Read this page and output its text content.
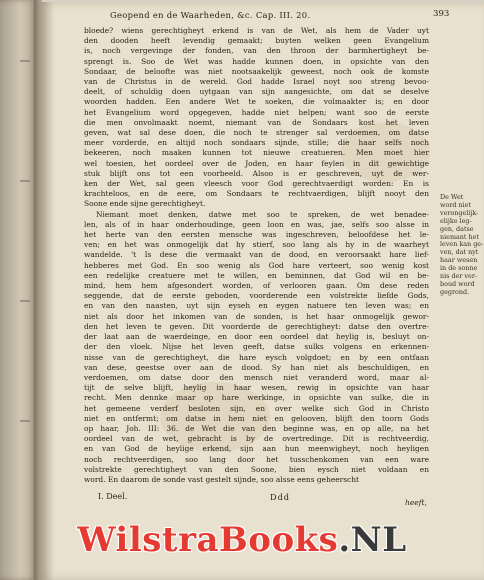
Geopend en de Waarheden, &c. Cap. III. 20.	393
bloede? wiens gerechtigheyt erkend is van de Wet, als hem de Vader uyt
den dooden heeft levendig gemaakt; buyten welken geen Evangelium
is, noch vergevinge der fonden, van den throon der barmhertigheyt be-
sprengt is. Soo de Wet was hadde kunnen doen, in opsichte van den
Sondaar, de beloofte was niet nootsaakelijk geweest, noch ook de komste
van de Christus in de wereld. God hadde Israel noyt soo streng bevoo-
deelt, of schuldig doen uytgaan van sijn aangesichte, om dat se deselve
woorden hadden. Een andere Wet te soeken, die volmaakter is; en door
het Evangelium word opgegeven, hadde niet helpen; want soo de eerste
die men onvolmaakt noemt, niemant van de Sondaars kost het leven
geven, wat sal dese doen, die noch te strenger sal verdoemen, om datse
meer vorderde, en altijd noch sondaars sijnde, stille; die haar selfs noch
bekeeren, noch maaken kunnen tot nieuwe creatueren. Men moet hier
wel toesien, het oordeel over de Joden, en haar feylen in dit gewichtige
stuk blijft ons tot een voorbeeld. Alsoo is er geschreven, uyt de wer-
ken der Wet, sal geen vleesch voor God gerechtvaerdigt worden: En is
krachteloos, en de eere, om Sondaars te rechtvaerdigen, blijft nooyt den
Soone ende sijne gerechtigheyt.
Niemant moet denken, datwe met soo te spreken, de wet benadee-
len, als of in haar onderhoudinge, geen loon en was, jae, selfs soo alsse in
het herte van den eersten mensche was ingeschreven, beloofdese het le-
ven; en het was onmogelijk dat hy stierf, soo lang als hy in de waarheyt
wandelde. 't Is dese die vermaakt van de dood, en veroorsaakt hare lief-
hebberes met God. En soo wenig als God hare verteert, soo wenig kost
een redelijke creatuere met te willen, en beminnen, dat God wil en be-
mind, hem hem afgesondert worden, of verlooren gaan. Om dese reden
seggende, dat de eerste geboden, voorderende een volstrekte liefde Gods,
en van den naasten, uyt sijn eyseh en eygen natuere ten leven was; en
niet als door het inkomen van de sonden, is het haar onmogelijk gewor-
den het leven te geven. Dit voorderde de gerechtigheyt: datse den overtre-
der laat aan de waerdeinge, en door een oordeel dat heylig is, besluyt on-
der den vloek. Nijse het leven geeft, datse sulks volgens en erkennen-
nisse van de gerechtigheyt, die hare eysch volgdoet; en by een ontfaan
van dese, geestse over aan de dood. Sy han niet als beschuldigen, en
verdoemen, om datse door den mensch niet veranderd word, maar al-
tijt de selve blijft, heylig in haar wesen, rewig in opsichte van haar
recht. Men dennke maar op hare werkinge, in opsichte van sulke, die in
het gemeene verderf besloten sijn, en over welke sich God in Christo
niet en ontfermt; om datse in hem niet en gelooven, blijft den toorn Gods
op haar, Joh. III: 36. de Wet die van den beginne was, en op alle, na het
oordeel van de wet, gebracht is by de overtredinge. Dit is rechtveerdig,
en van God de heylige erkend, sijn aan hun meenwigheyt, noch heyligen
noch rechtveerdigen, soo lang door het tusschenkomen van een ware
volstrekte gerechtigheyt van den Soone, bien eysch niet voldaan en
word. En daarom de sonde vast gestelt sijnde, soo alsse eens geheerscht
De Wet
word niet
verongelijk-
elijke leg-
gen, datse
niemant het
leven kan ge-
ven, dat nyt
haar wesen
in de sonne
nis der ver-
boud word
gegrond.
I. Deel.	Ddd
heeft,
WilstraBooks.NL
